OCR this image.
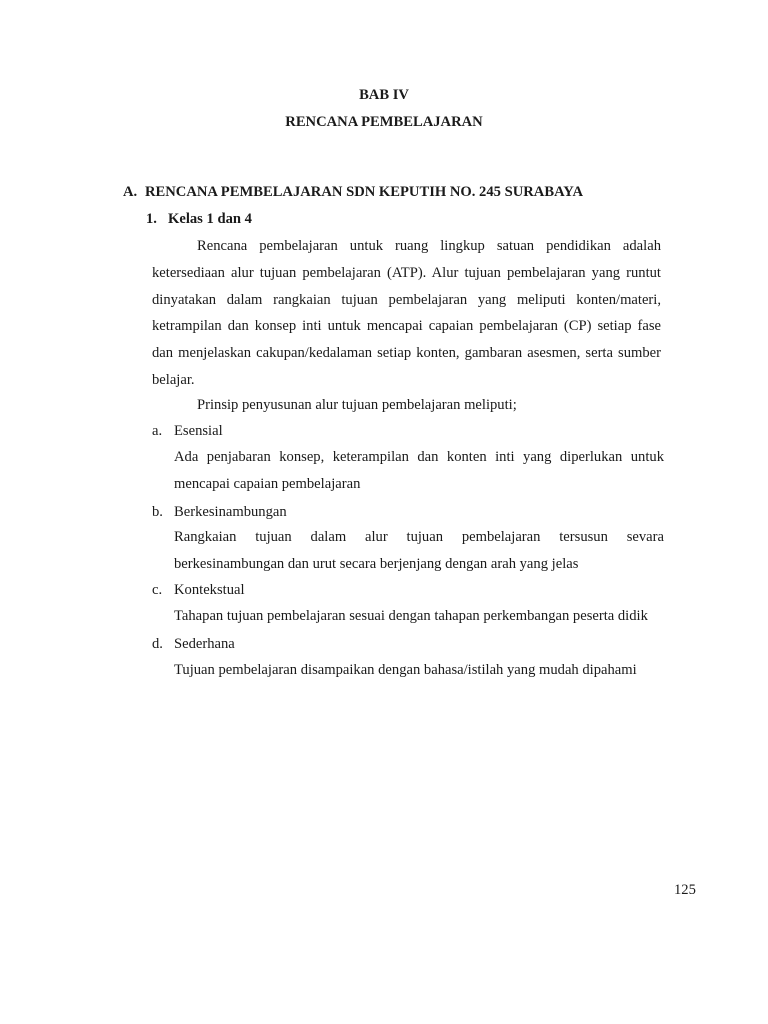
BAB IV
RENCANA PEMBELAJARAN
A. RENCANA PEMBELAJARAN SDN KEPUTIH NO. 245 SURABAYA
1. Kelas 1 dan 4

Rencana pembelajaran untuk ruang lingkup satuan pendidikan adalah ketersediaan alur tujuan pembelajaran (ATP). Alur tujuan pembelajaran yang runtut dinyatakan dalam rangkaian tujuan pembelajaran yang meliputi konten/materi, ketrampilan dan konsep inti untuk mencapai capaian pembelajaran (CP) setiap fase dan menjelaskan cakupan/kedalaman setiap konten, gambaran asesmen, serta sumber belajar.

Prinsip penyusunan alur tujuan pembelajaran meliputi;

a. Esensial
Ada penjabaran konsep, keterampilan dan konten inti yang diperlukan untuk mencapai capaian pembelajaran
b. Berkesinambungan
Rangkaian tujuan dalam alur tujuan pembelajaran tersusun sevara berkesinambungan dan urut secara berjenjang dengan arah yang jelas
c. Kontekstual
Tahapan tujuan pembelajaran sesuai dengan tahapan perkembangan peserta didik
d. Sederhana
Tujuan pembelajaran disampaikan dengan bahasa/istilah yang mudah dipahami
125
